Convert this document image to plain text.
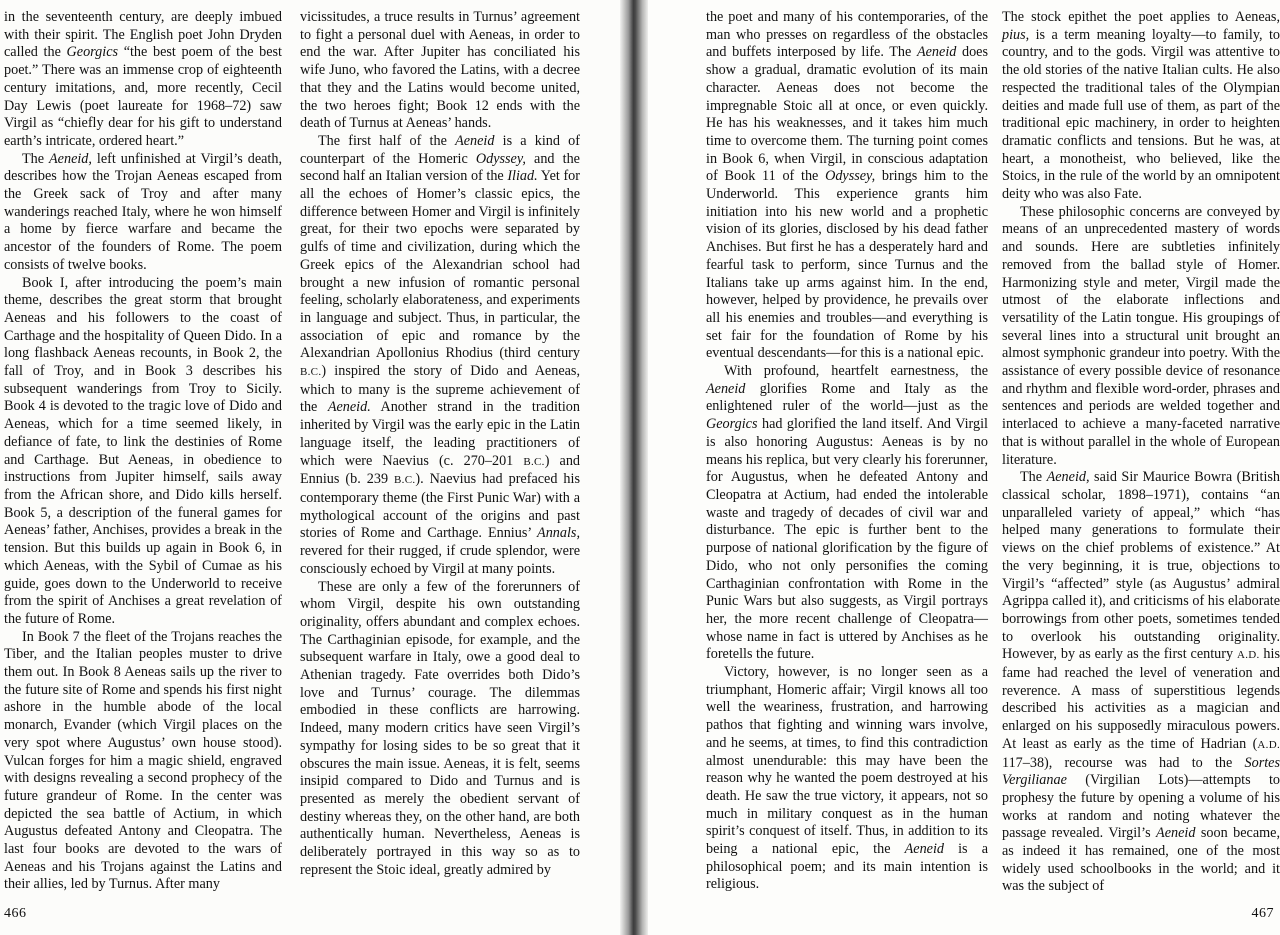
in the seventeenth century, are deeply imbued with their spirit. The English poet John Dryden called the Georgics “the best poem of the best poet.” There was an immense crop of eighteenth century imitations, and, more recently, Cecil Day Lewis (poet laureate for 1968–72) saw Virgil as “chiefly dear for his gift to understand earth’s intricate, ordered heart.”

The Aeneid, left unfinished at Virgil’s death, describes how the Trojan Aeneas escaped from the Greek sack of Troy and after many wanderings reached Italy, where he won himself a home by fierce warfare and became the ancestor of the founders of Rome. The poem consists of twelve books.

Book I, after introducing the poem’s main theme, describes the great storm that brought Aeneas and his followers to the coast of Carthage and the hospitality of Queen Dido. In a long flashback Aeneas recounts, in Book 2, the fall of Troy, and in Book 3 describes his subsequent wanderings from Troy to Sicily. Book 4 is devoted to the tragic love of Dido and Aeneas, which for a time seemed likely, in defiance of fate, to link the destinies of Rome and Carthage. But Aeneas, in obedience to instructions from Jupiter himself, sails away from the African shore, and Dido kills herself. Book 5, a description of the funeral games for Aeneas’ father, Anchises, provides a break in the tension. But this builds up again in Book 6, in which Aeneas, with the Sybil of Cumae as his guide, goes down to the Underworld to receive from the spirit of Anchises a great revelation of the future of Rome.

In Book 7 the fleet of the Trojans reaches the Tiber, and the Italian peoples muster to drive them out. In Book 8 Aeneas sails up the river to the future site of Rome and spends his first night ashore in the humble abode of the local monarch, Evander (which Virgil places on the very spot where Augustus’ own house stood). Vulcan forges for him a magic shield, engraved with designs revealing a second prophecy of the future grandeur of Rome. In the center was depicted the sea battle of Actium, in which Augustus defeated Antony and Cleopatra. The last four books are devoted to the wars of Aeneas and his Trojans against the Latins and their allies, led by Turnus. After many

vicissitudes, a truce results in Turnus’ agreement to fight a personal duel with Aeneas, in order to end the war. After Jupiter has conciliated his wife Juno, who favored the Latins, with a decree that they and the Latins would become united, the two heroes fight; Book 12 ends with the death of Turnus at Aeneas’ hands.

The first half of the Aeneid is a kind of counterpart of the Homeric Odyssey, and the second half an Italian version of the Iliad. Yet for all the echoes of Homer’s classic epics, the difference between Homer and Virgil is infinitely great, for their two epochs were separated by gulfs of time and civilization, during which the Greek epics of the Alexandrian school had brought a new infusion of romantic personal feeling, scholarly elaborateness, and experiments in language and subject. Thus, in particular, the association of epic and romance by the Alexandrian Apollonius Rhodius (third century B.C.) inspired the story of Dido and Aeneas, which to many is the supreme achievement of the Aeneid. Another strand in the tradition inherited by Virgil was the early epic in the Latin language itself, the leading practitioners of which were Naevius (c. 270–201 B.C.) and Ennius (b. 239 B.C.). Naevius had prefaced his contemporary theme (the First Punic War) with a mythological account of the origins and past stories of Rome and Carthage. Ennius’ Annals, revered for their rugged, if crude splendor, were consciously echoed by Virgil at many points.

These are only a few of the forerunners of whom Virgil, despite his own outstanding originality, offers abundant and complex echoes. The Carthaginian episode, for example, and the subsequent warfare in Italy, owe a good deal to Athenian tragedy. Fate overrides both Dido’s love and Turnus’ courage. The dilemmas embodied in these conflicts are harrowing. Indeed, many modern critics have seen Virgil’s sympathy for losing sides to be so great that it obscures the main issue. Aeneas, it is felt, seems insipid compared to Dido and Turnus and is presented as merely the obedient servant of destiny whereas they, on the other hand, are both authentically human. Nevertheless, Aeneas is deliberately portrayed in this way so as to represent the Stoic ideal, greatly admired by

466

the poet and many of his contemporaries, of the man who presses on regardless of the obstacles and buffets interposed by life. The Aeneid does show a gradual, dramatic evolution of its main character. Aeneas does not become the impregnable Stoic all at once, or even quickly. He has his weaknesses, and it takes him much time to overcome them. The turning point comes in Book 6, when Virgil, in conscious adaptation of Book 11 of the Odyssey, brings him to the Underworld. This experience grants him initiation into his new world and a prophetic vision of its glories, disclosed by his dead father Anchises. But first he has a desperately hard and fearful task to perform, since Turnus and the Italians take up arms against him. In the end, however, helped by providence, he prevails over all his enemies and troubles—and everything is set fair for the foundation of Rome by his eventual descendants—for this is a national epic.

With profound, heartfelt earnestness, the Aeneid glorifies Rome and Italy as the enlightened ruler of the world—just as the Georgics had glorified the land itself. And Virgil is also honoring Augustus: Aeneas is by no means his replica, but very clearly his forerunner, for Augustus, when he defeated Antony and Cleopatra at Actium, had ended the intolerable waste and tragedy of decades of civil war and disturbance. The epic is further bent to the purpose of national glorification by the figure of Dido, who not only personifies the coming Carthaginian confrontation with Rome in the Punic Wars but also suggests, as Virgil portrays her, the more recent challenge of Cleopatra—whose name in fact is uttered by Anchises as he foretells the future.

Victory, however, is no longer seen as a triumphant, Homeric affair; Virgil knows all too well the weariness, frustration, and harrowing pathos that fighting and winning wars involve, and he seems, at times, to find this contradiction almost unendurable: this may have been the reason why he wanted the poem destroyed at his death. He saw the true victory, it appears, not so much in military conquest as in the human spirit’s conquest of itself. Thus, in addition to its being a national epic, the Aeneid is a philosophical poem; and its main intention is religious.

The stock epithet the poet applies to Aeneas, pius, is a term meaning loyalty—to family, to country, and to the gods. Virgil was attentive to the old stories of the native Italian cults. He also respected the traditional tales of the Olympian deities and made full use of them, as part of the traditional epic machinery, in order to heighten dramatic conflicts and tensions. But he was, at heart, a monotheist, who believed, like the Stoics, in the rule of the world by an omnipotent deity who was also Fate.

These philosophic concerns are conveyed by means of an unprecedented mastery of words and sounds. Here are subtleties infinitely removed from the ballad style of Homer. Harmonizing style and meter, Virgil made the utmost of the elaborate inflections and versatility of the Latin tongue. His groupings of several lines into a structural unit brought an almost symphonic grandeur into poetry. With the assistance of every possible device of resonance and rhythm and flexible word-order, phrases and sentences and periods are welded together and interlaced to achieve a many-faceted narrative that is without parallel in the whole of European literature.

The Aeneid, said Sir Maurice Bowra (British classical scholar, 1898–1971), contains “an unparalleled variety of appeal,” which “has helped many generations to formulate their views on the chief problems of existence.” At the very beginning, it is true, objections to Virgil’s “affected” style (as Augustus’ admiral Agrippa called it), and criticisms of his elaborate borrowings from other poets, sometimes tended to overlook his outstanding originality. However, by as early as the first century A.D. his fame had reached the level of veneration and reverence. A mass of superstitious legends described his activities as a magician and enlarged on his supposedly miraculous powers. At least as early as the time of Hadrian (A.D. 117–38), recourse was had to the Sortes Vergilianae (Virgilian Lots)—attempts to prophesy the future by opening a volume of his works at random and noting whatever the passage revealed. Virgil’s Aeneid soon became, as indeed it has remained, one of the most widely used schoolbooks in the world; and it was the subject of

467
